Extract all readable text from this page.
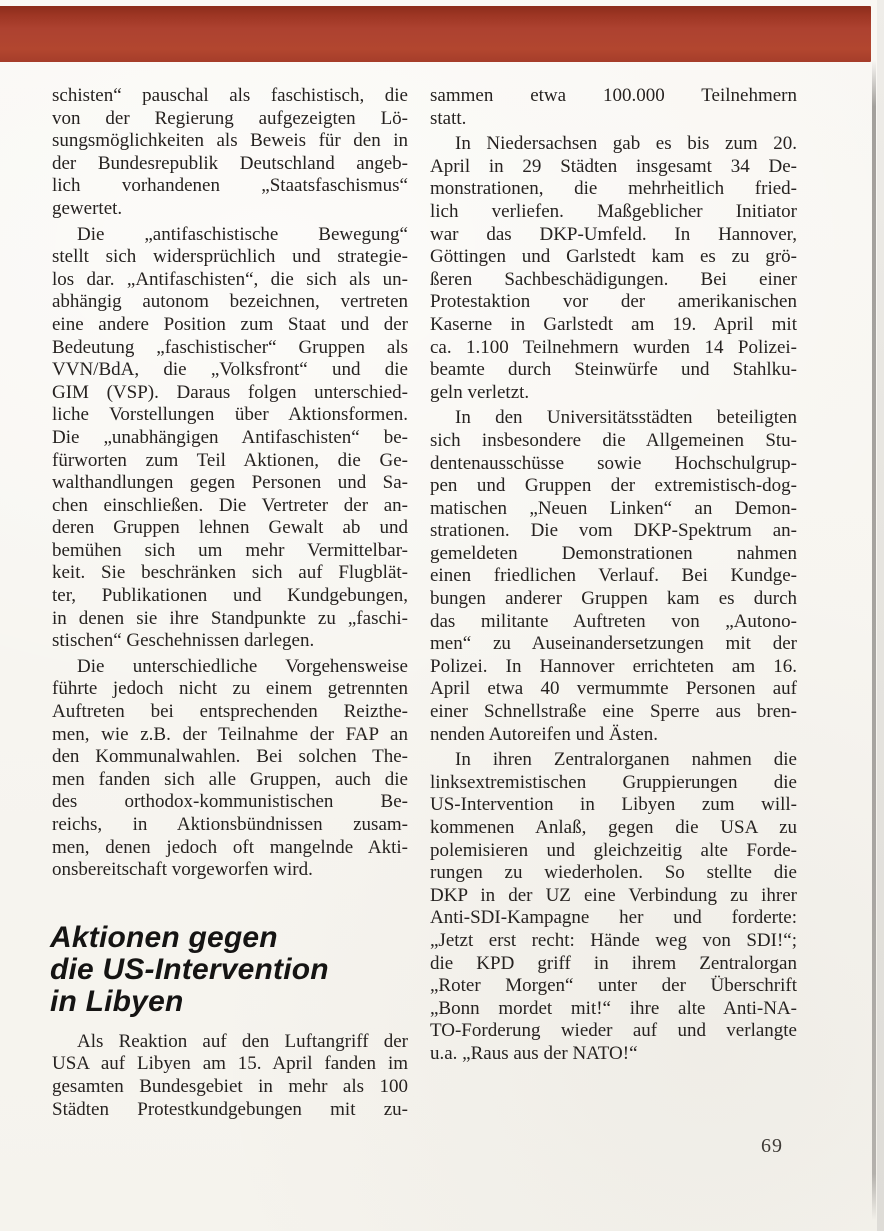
schisten“ pauschal als faschistisch, die
von der Regierung aufgezeigten Lö-
sungsmöglichkeiten als Beweis für den in
der Bundesrepublik Deutschland angeb-
lich vorhandenen „Staatsfaschismus“
gewertet.
Die „antifaschistische Bewegung“
stellt sich widersprüchlich und strategie-
los dar. „Antifaschisten“, die sich als un-
abhängig autonom bezeichnen, vertreten
eine andere Position zum Staat und der
Bedeutung „faschistischer“ Gruppen als
VVN/BdA, die „Volksfront“ und die
GIM (VSP). Daraus folgen unterschied-
liche Vorstellungen über Aktionsformen.
Die „unabhängigen Antifaschisten“ be-
fürworten zum Teil Aktionen, die Ge-
walthandlungen gegen Personen und Sa-
chen einschließen. Die Vertreter der an-
deren Gruppen lehnen Gewalt ab und
bemühen sich um mehr Vermittelbar-
keit. Sie beschränken sich auf Flugblät-
ter, Publikationen und Kundgebungen,
in denen sie ihre Standpunkte zu „faschi-
stischen“ Geschehnissen darlegen.
Die unterschiedliche Vorgehensweise
führte jedoch nicht zu einem getrennten
Auftreten bei entsprechenden Reizthe-
men, wie z.B. der Teilnahme der FAP an
den Kommunalwahlen. Bei solchen The-
men fanden sich alle Gruppen, auch die
des orthodox-kommunistischen Be-
reichs, in Aktionsbündnissen zusam-
men, denen jedoch oft mangelnde Akti-
onsbereitschaft vorgeworfen wird.
Aktionen gegen
die US-Intervention
in Libyen
Als Reaktion auf den Luftangriff der
USA auf Libyen am 15. April fanden im
gesamten Bundesgebiet in mehr als 100
Städten Protestkundgebungen mit zu-
sammen etwa 100.000 Teilnehmern
statt.
In Niedersachsen gab es bis zum 20.
April in 29 Städten insgesamt 34 De-
monstrationen, die mehrheitlich fried-
lich verliefen. Maßgeblicher Initiator
war das DKP-Umfeld. In Hannover,
Göttingen und Garlstedt kam es zu grö-
ßeren Sachbeschädigungen. Bei einer
Protestaktion vor der amerikanischen
Kaserne in Garlstedt am 19. April mit
ca. 1.100 Teilnehmern wurden 14 Polizei-
beamte durch Steinwürfe und Stahlku-
geln verletzt.
In den Universitätsstädten beteiligten
sich insbesondere die Allgemeinen Stu-
dentenausschüsse sowie Hochschulgrup-
pen und Gruppen der extremistisch-dog-
matischen „Neuen Linken“ an Demon-
strationen. Die vom DKP-Spektrum an-
gemeldeten Demonstrationen nahmen
einen friedlichen Verlauf. Bei Kundge-
bungen anderer Gruppen kam es durch
das militante Auftreten von „Autono-
men“ zu Auseinandersetzungen mit der
Polizei. In Hannover errichteten am 16.
April etwa 40 vermummte Personen auf
einer Schnellstraße eine Sperre aus bren-
nenden Autoreifen und Ästen.
In ihren Zentralorganen nahmen die
linksextremistischen Gruppierungen die
US-Intervention in Libyen zum will-
kommenen Anlaß, gegen die USA zu
polemisieren und gleichzeitig alte Forde-
rungen zu wiederholen. So stellte die
DKP in der UZ eine Verbindung zu ihrer
Anti-SDI-Kampagne her und forderte:
„Jetzt erst recht: Hände weg von SDI!“;
die KPD griff in ihrem Zentralorgan
„Roter Morgen“ unter der Überschrift
„Bonn mordet mit!“ ihre alte Anti-NA-
TO-Forderung wieder auf und verlangte
u.a. „Raus aus der NATO!“
69
